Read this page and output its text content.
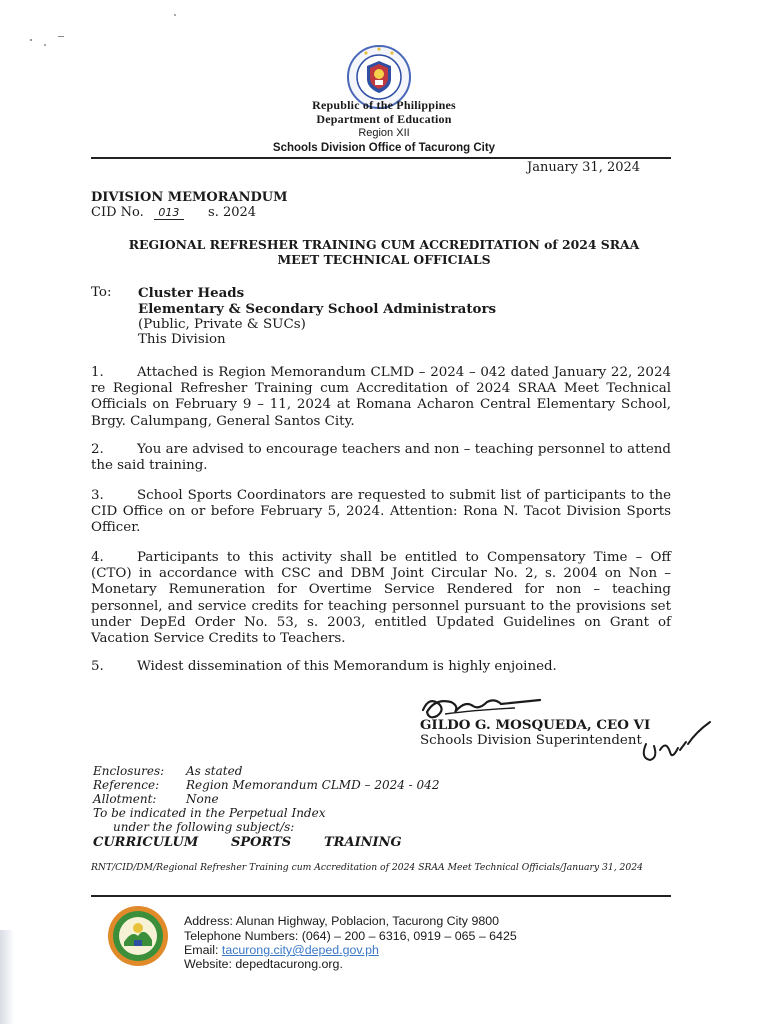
Republic of the Philippines
Department of Education
Region XII
Schools Division Office of Tacurong City
January 31, 2024
DIVISION MEMORANDUM
CID No. 013 s. 2024
REGIONAL REFRESHER TRAINING CUM ACCREDITATION of 2024 SRAA
MEET TECHNICAL OFFICIALS
To: Cluster Heads
Elementary & Secondary School Administrators
(Public, Private & SUCs)
This Division
1. Attached is Region Memorandum CLMD – 2024 – 042 dated January 22, 2024 re Regional Refresher Training cum Accreditation of 2024 SRAA Meet Technical Officials on February 9 – 11, 2024 at Romana Acharon Central Elementary School, Brgy. Calumpang, General Santos City.
2. You are advised to encourage teachers and non – teaching personnel to attend the said training.
3. School Sports Coordinators are requested to submit list of participants to the CID Office on or before February 5, 2024. Attention: Rona N. Tacot Division Sports Officer.
4. Participants to this activity shall be entitled to Compensatory Time – Off (CTO) in accordance with CSC and DBM Joint Circular No. 2, s. 2004 on Non – Monetary Remuneration for Overtime Service Rendered for non – teaching personnel, and service credits for teaching personnel pursuant to the provisions set under DepEd Order No. 53, s. 2003, entitled Updated Guidelines on Grant of Vacation Service Credits to Teachers.
5. Widest dissemination of this Memorandum is highly enjoined.
GILDO G. MOSQUEDA, CEO VI
Schools Division Superintendent
Enclosures: As stated
Reference: Region Memorandum CLMD – 2024 - 042
Allotment: None
To be indicated in the Perpetual Index
under the following subject/s:
CURRICULUM	SPORTS	TRAINING
RNT/CID/DM/Regional Refresher Training cum Accreditation of 2024 SRAA Meet Technical Officials/January 31, 2024
Address: Alunan Highway, Poblacion, Tacurong City 9800
Telephone Numbers: (064) – 200 – 6316, 0919 – 065 – 6425
Email: tacurong.city@deped.gov.ph
Website: depedtacurong.org.
